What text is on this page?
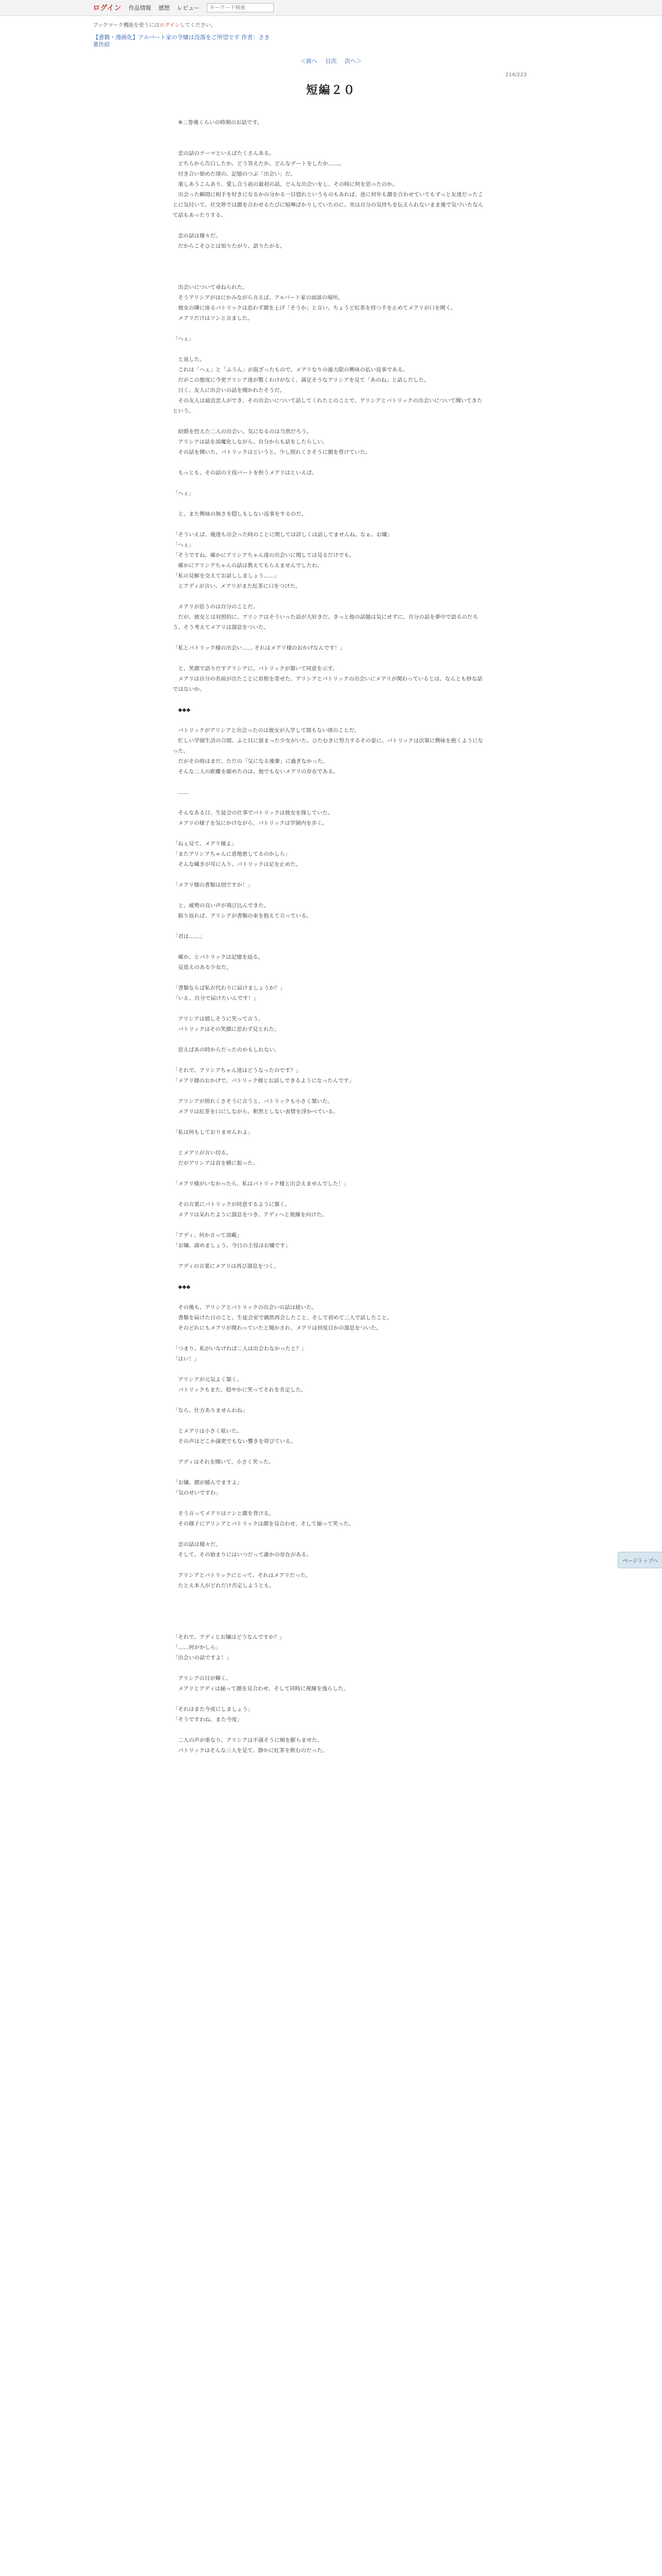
ログイン 作品情報 感想 レビュー
キーワード検索
ブックマーク機能を使うにはログインしてください。
【書籍・漫画化】アルバート家の令嬢は没落をご所望です 作者：さき
著作紹
＜前へ 目次 次へ＞
214/223
短編２０
　※二巻後くらいの時期のお話です。

　恋の話のテーマといえばたくさんある。
　どちらから告白したか、どう答えたか、どんなデートをしたか……。
　付き合い始めた頃の、記憶のつぶ「出会い」だ。
　楽しあうこんあり、愛し合う前の最初の話。どんな出会いをし、その時に何を思ったのか。
　出会った瞬間に相手を好きになるかの分かる一目惚れというものもあれば、逆に何年も顔を合わせていてもずっと友達だったことに気付いて、社交界では顔を合わせるたびに喧嘩ばかりしていたのに、実は自分の気持ちを伝えられないまま後で気づいたなんて話もあったりする。

　恋の話は様々だ。
　だからこそひとは知りたがり、語りたがる。

　出会いについて尋ねられた。
　そうアリシアがはにかみながら言えば、アルバート家の面談の場所。
　彼女の隣に座るパトリックは思わず顔を上げ「そうか」と言い、ちょうど紅茶を持つ手を止めてメアリが口を開く。
　メアリだけはツンと言ました。

「へぇ」

　と返した。
　これは「へぇ」と「ふうん」が混ざったもので、メアリなりの最大限の興味の払い返事である。
　だがこの態度に今更アリシア達が驚くわけがなく、満足そうなアリシアを見て「あのね」と話しだした。
　日く、友人に出会いの話を聞かれたそうだ。
　その友人は最近恋人ができ、その出会いについて話してくれたとのことで、アリシアとパトリックの出会いについて聞いてきたという。

　結婚を控えた二人の出会い。気になるのは当然だろう。
　アリシアは話を誤魔化しながら、自分からも話をしたらしい。
　その話を聞いた、パトリックはというと、少し照れくさそうに顔を背けていた。

　もっとも、その話の主役パートを担うメアリはといえば。

「へぇ」

　と、また興味の無さを隠しもしない返事をするのだ。

「そういえば、俺達も出会った時のことに関しては詳しくは話してませんね。なぁ、お嬢」
「へぇ」
「そうですね。確かにアリシアちゃん達の出会いに関しては見るだけでも。
　確かにアリシアちゃんの話は教えてもらえませんでしたわ。
「私の見解を交えてお話ししましょう……」
　とアディが言い、メアリがまた紅茶に口をつけた。

　メアリが思うのは自分のことだ。
　だが、彼女とは対照的に、アリシアはそういった話が大好きだ。きっと他の話題は気にせずに、自分の話を夢中で語るのだろう。そう考えてメアリは溜息をついた。

「私とパトリック様の出会い…… それはメアリ様のおかげなんです！」

　と、笑顔で語りだすアリシアに、パトリックが頷いて同意を示す。
　メアリは自分の名前が出たことに眉根を寄せた。アリシアとパトリックの出会いにメアリが関わっているとは、なんとも妙な話ではないか。

　◆◆◆

　パトリックがアリシアと出会ったのは彼女が入学して間もない頃のことだ。
　忙しい学園生活の合間、ふと目に留まった少女がいた。ひたむきに努力するその姿に、パトリックは次第に興味を抱くようになった。
　だがその時はまだ、ただの「気になる後輩」に過ぎなかった。
　そんな二人の距離を縮めたのは、他でもないメアリの存在である。

　……

　そんなある日、生徒会の仕事でパトリックは彼女を探していた。
　メアリの様子を気にかけながら、パトリックは学園内を歩く。

「ねぇ見て、メアリ様よ」
「またアリシアちゃんに意地悪してるのかしら」
　そんな囁きが耳に入り、パトリックは足を止めた。

「メアリ様の書類は別ですか！」

　と、威勢の良い声が飛び込んできた。
　振り返れば、アリシアが書類の束を抱えて立っている。

「君は……」

　確か、とパトリックは記憶を辿る。
　見覚えのある少女だ。

「書類ならば私が代わりに届けましょうか？」
「いえ、自分で届けたいんです！」

　アリシアは嬉しそうに笑って言う。
　パトリックはその笑顔に思わず見とれた。

　思えばあの時からだったのかもしれない。

「それで、アリシアちゃん達はどうなったのです？」
「メアリ様のおかげで、パトリック様とお話しできるようになったんです」

　アリシアが照れくさそうに言うと、パトリックも小さく頷いた。
　メアリは紅茶を口にしながら、釈然としない表情を浮かべている。

「私は何もしておりませんわよ」

　とメアリが言い切る。
　だがアリシアは首を横に振った。

「メアリ様がいなかったら、私はパトリック様と出会えませんでした！」

　その言葉にパトリックが同意するように頷く。
　メアリは呆れたように溜息をつき、アディへと視線を向けた。

「アディ、何か言って頂戴」
「お嬢、諦めましょう。今日の主役はお嬢です」

　アディの言葉にメアリは再び溜息をつく。

　◆◆◆

　その後も、アリシアとパトリックの出会いの話は続いた。
　書類を届けた日のこと、生徒会室で偶然再会したこと、そして初めて二人で話したこと。
　そのどれにもメアリが関わっていたと聞かされ、メアリは何度目かの溜息をついた。

「つまり、私がいなければ二人は出会わなかったと？」
「はい！」

　アリシアが元気よく頷く。
　パトリックもまた、穏やかに笑ってそれを肯定した。

「なら、仕方ありませんわね」

　とメアリは小さく呟いた。
　その声はどこか満更でもない響きを帯びている。

　アディはそれを聞いて、小さく笑った。

「お嬢、顔が緩んでますよ」
「気のせいですわ」

　そう言ってメアリはツンと顔を背ける。
　その様子にアリシアとパトリックは顔を見合わせ、そして揃って笑った。

　恋の話は様々だ。
　そして、その始まりにはいつだって誰かの存在がある。

　アリシアとパトリックにとって、それはメアリだった。
　たとえ本人がどれだけ否定しようとも。

「それで、アディとお嬢はどうなんですか？」
「……何がかしら」
「出会いの話ですよ！」

　アリシアの目が輝く。
　メアリとアディは揃って顔を見合わせ、そして同時に視線を逸らした。

「それはまた今度にしましょう」
「そうですわね、また今度」

　二人の声が重なり、アリシアは不満そうに頬を膨らませた。
　パトリックはそんな三人を見て、静かに紅茶を飲むのだった。
ページトップへ
